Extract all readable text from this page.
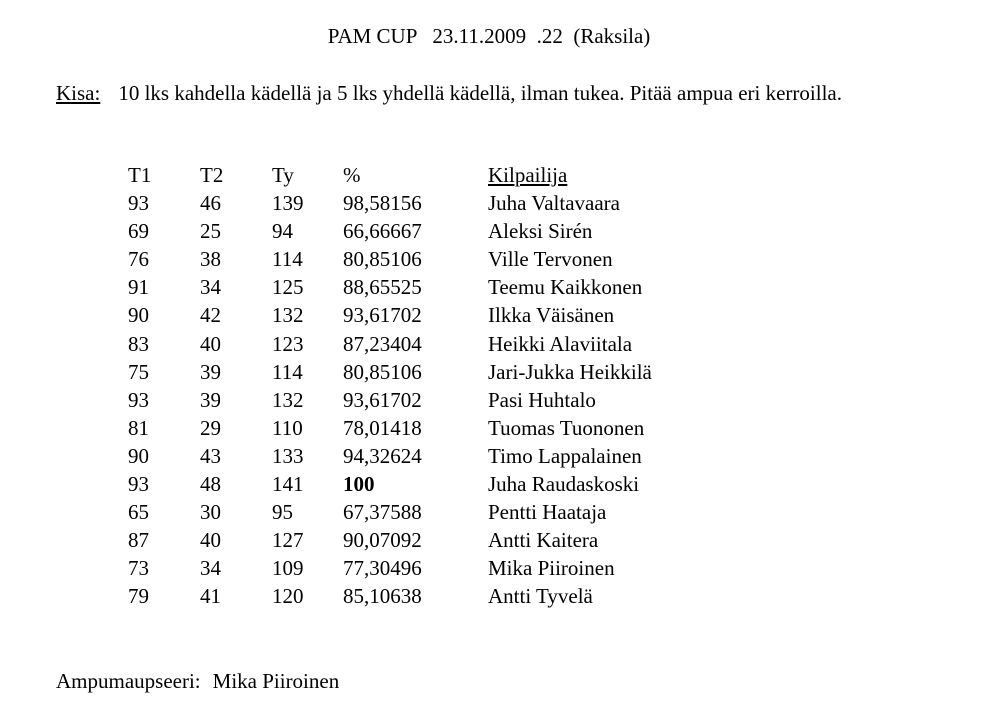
PAM CUP   23.11.2009  .22  (Raksila)
Kisa: 10 lks kahdella kädellä ja 5 lks yhdellä kädellä, ilman tukea. Pitää ampua eri kerroilla.
T1 T2 Ty %	Kilpailija
93 46 139 98,58156	Juha Valtavaara
69 25 94 66,66667	Aleksi Sirén
76 38 114 80,85106	Ville Tervonen
91 34 125 88,65525	Teemu Kaikkonen
90 42 132 93,61702	Ilkka Väisänen
83 40 123 87,23404	Heikki Alaviitala
75 39 114 80,85106	Jari-Jukka Heikkilä
93 39 132 93,61702	Pasi Huhtalo
81 29 110 78,01418	Tuomas Tuononen
90 43 133 94,32624	Timo Lappalainen
93 48 141 100	Juha Raudaskoski
65 30 95 67,37588	Pentti Haataja
87 40 127 90,07092	Antti Kaitera
73 34 109 77,30496	Mika Piiroinen
79 41 120 85,10638	Antti Tyvelä
Ampumaupseeri: Mika Piiroinen
